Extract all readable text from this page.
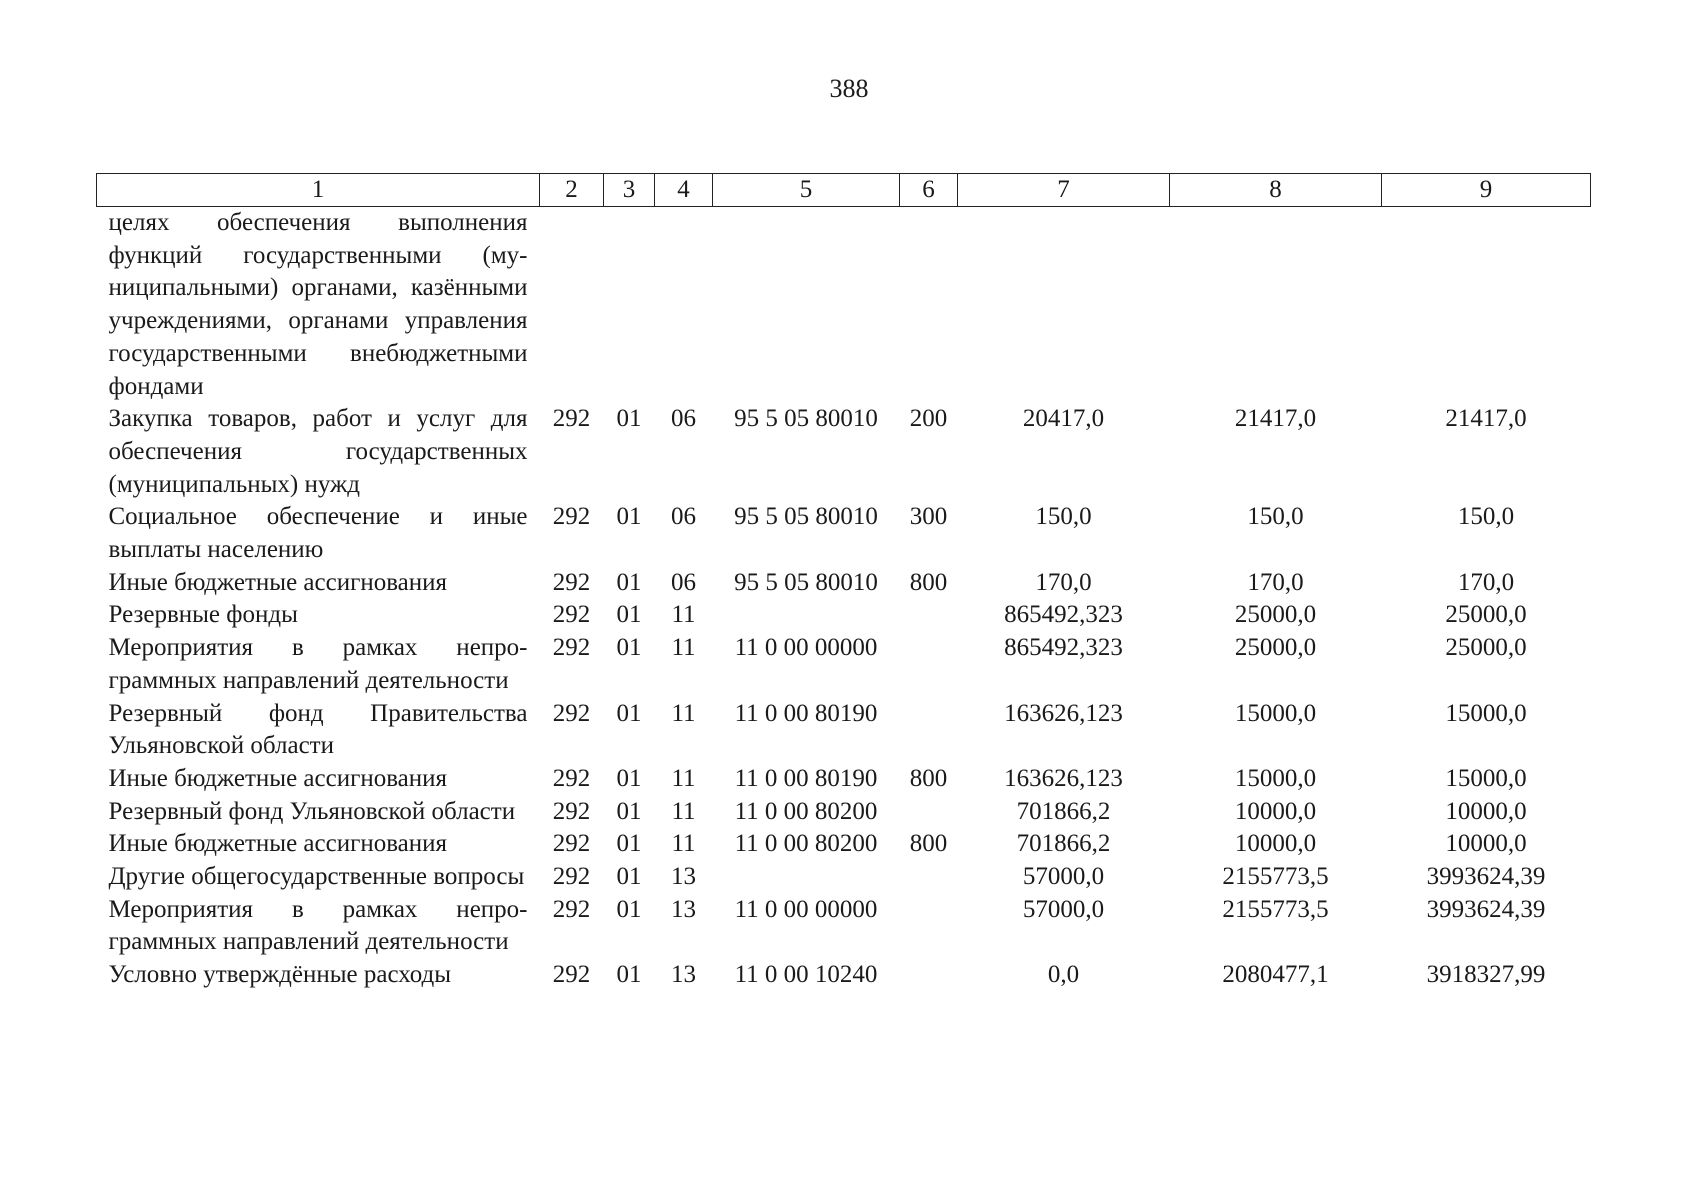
388
1	2	3	4	5	6	7	8	9
целях обеспечения выполнения функций государственными (муниципальными) органами, казёнными учреждениями, органами управления государственными внебюджетными фондами								
Закупка товаров, работ и услуг для обеспечения государственных (муниципальных) нужд	292	01	06	95 5 05 80010	200	20417,0	21417,0	21417,0
Социальное обеспечение и иные выплаты населению	292	01	06	95 5 05 80010	300	150,0	150,0	150,0
Иные бюджетные ассигнования	292	01	06	95 5 05 80010	800	170,0	170,0	170,0
Резервные фонды	292	01	11			865492,323	25000,0	25000,0
Мероприятия в рамках непрограммных направлений деятельности	292	01	11	11 0 00 00000		865492,323	25000,0	25000,0
Резервный фонд Правительства Ульяновской области	292	01	11	11 0 00 80190		163626,123	15000,0	15000,0
Иные бюджетные ассигнования	292	01	11	11 0 00 80190	800	163626,123	15000,0	15000,0
Резервный фонд Ульяновской области	292	01	11	11 0 00 80200		701866,2	10000,0	10000,0
Иные бюджетные ассигнования	292	01	11	11 0 00 80200	800	701866,2	10000,0	10000,0
Другие общегосударственные вопросы	292	01	13			57000,0	2155773,5	3993624,39
Мероприятия в рамках непрограммных направлений деятельности	292	01	13	11 0 00 00000		57000,0	2155773,5	3993624,39
Условно утверждённые расходы	292	01	13	11 0 00 10240		0,0	2080477,1	3918327,99
